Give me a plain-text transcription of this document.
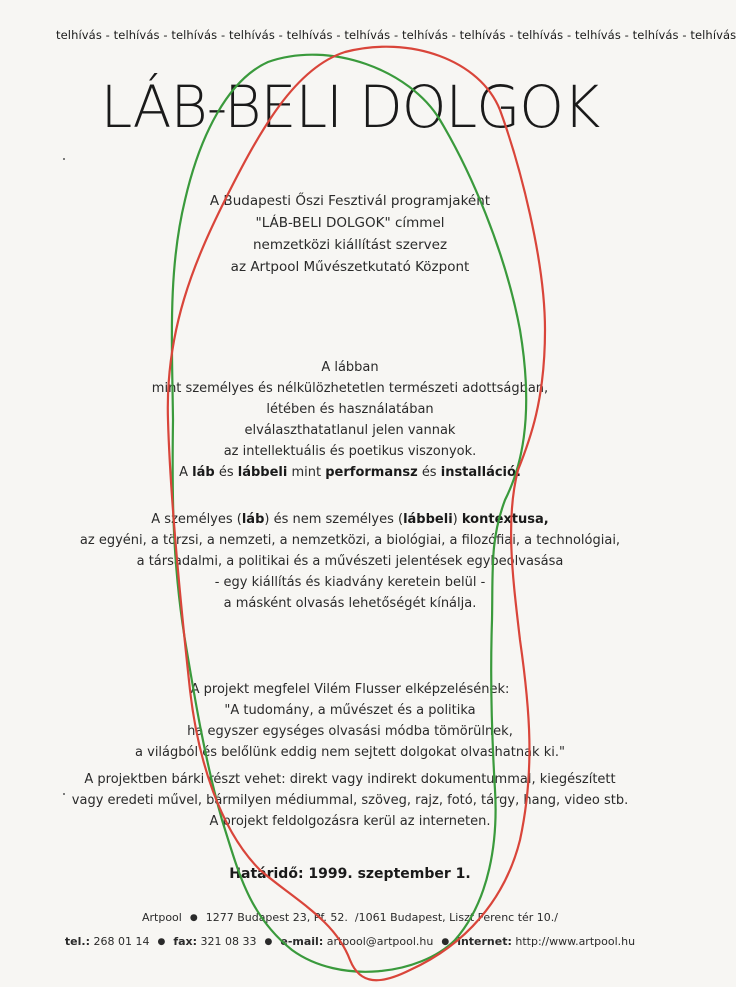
telhívás - telhívás - telhívás - telhívás - telhívás - telhívás - telhívás - telhívás - telhívás - telhívás - telhívás - telhívás
LÁB-BELI DOLGOK
A Budapesti Őszi Fesztivál programjaként
"LÁB-BELI DOLGOK" címmel
nemzetközi kiállítást szervez
az Artpool Művészetkutató Központ
A lábban
mint személyes és nélkülözhetetlen természeti adottságban,
létében és használatában
elválaszthatatlanul jelen vannak
az intellektuális és poetikus viszonyok.
A láb és lábbeli mint performansz és installáció.
A személyes (láb) és nem személyes (lábbeli) kontextusa,
az egyéni, a törzsi, a nemzeti, a nemzetközi, a biológiai, a filozófiai, a technológiai,
a társadalmi, a politikai és a művészeti jelentések egybeolvasása
- egy kiállítás és kiadvány keretein belül -
a másként olvasás lehetőségét kínálja.
A projekt megfelel Vilém Flusser elképzelésének:
"A tudomány, a művészet és a politika
ha egyszer egységes olvasási módba tömörülnek,
a világból és belőlünk eddig nem sejtett dolgokat olvashatnak ki."
A projektben bárki részt vehet: direkt vagy indirekt dokumentummal, kiegészített
vagy eredeti művel, bármilyen médiummal, szöveg, rajz, fotó, tárgy, hang, video stb.
A projekt feldolgozásra kerül az interneten.
Határidő: 1999. szeptember 1.
Artpool ● 1277 Budapest 23, Pf. 52. /1061 Budapest, Liszt Ferenc tér 10./
tel.: 268 01 14 ● fax: 321 08 33 ● e-mail: artpool@artpool.hu ● internet: http://www.artpool.hu
